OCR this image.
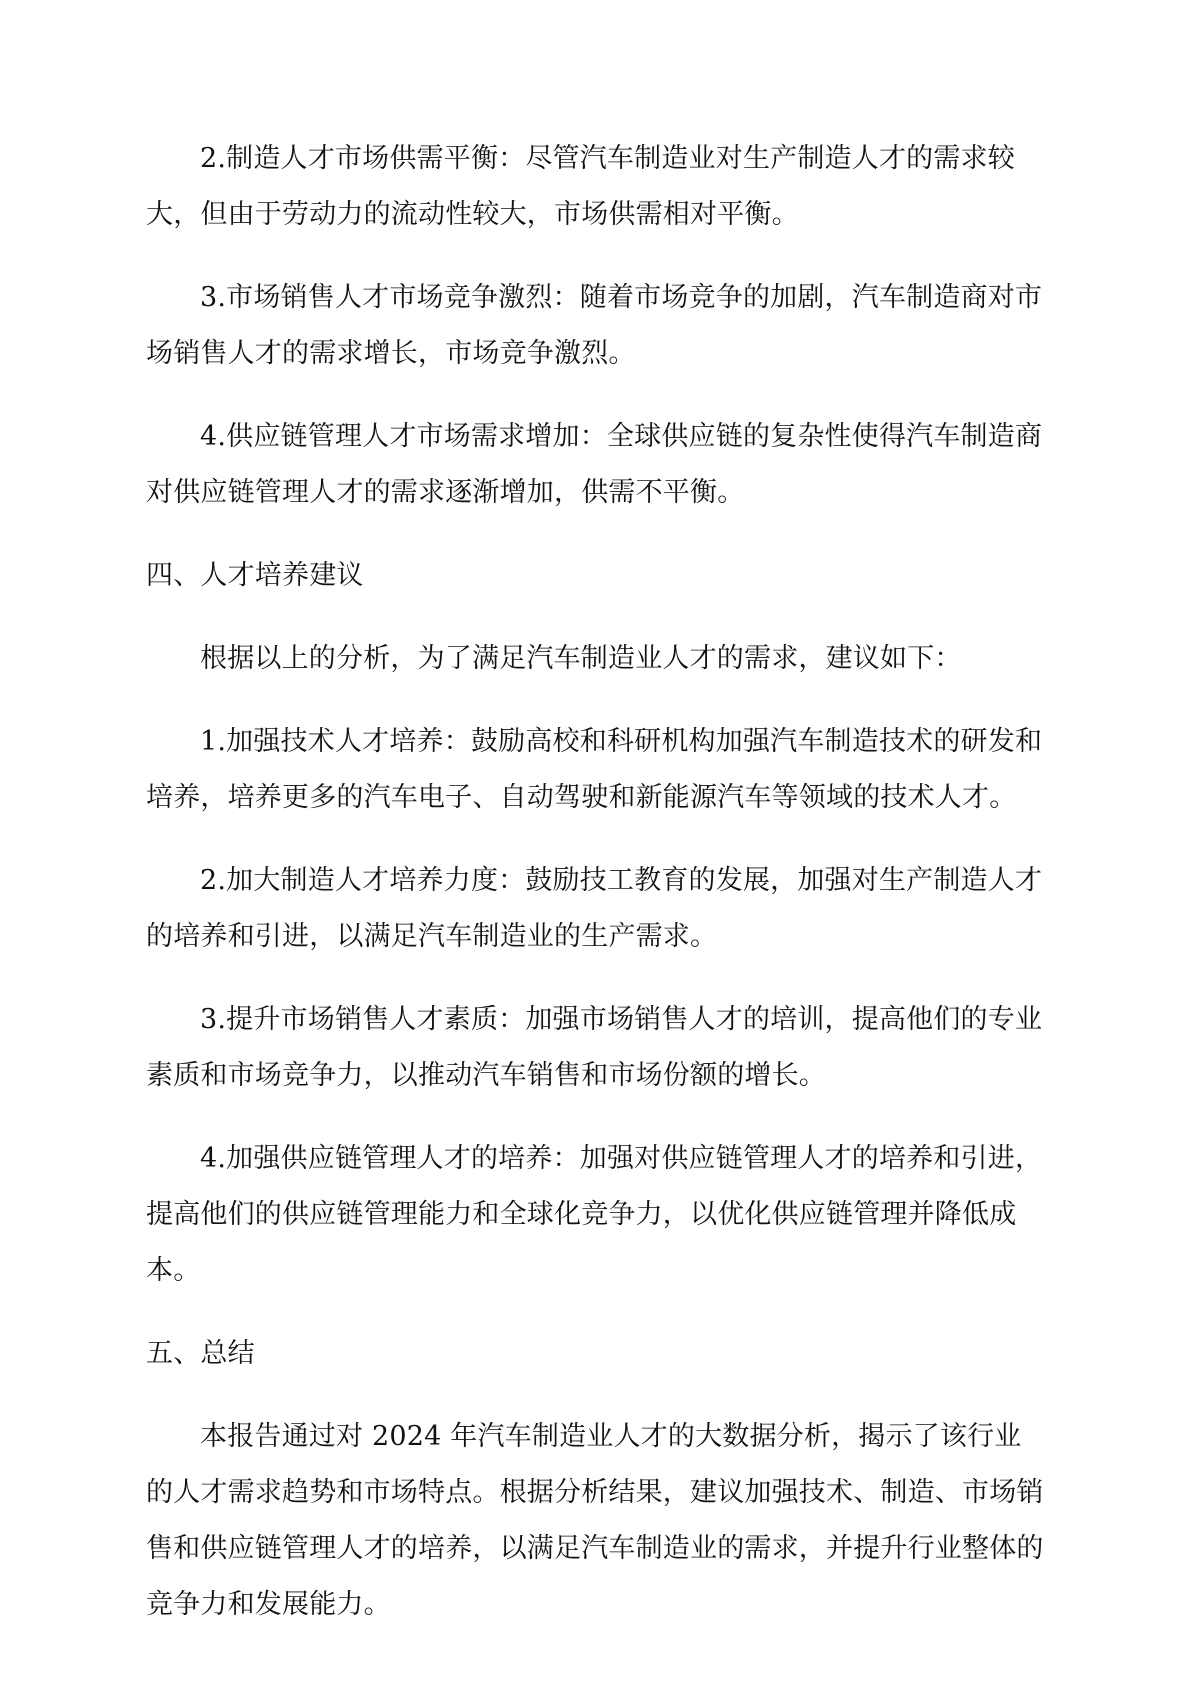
2.制造人才市场供需平衡：尽管汽车制造业对生产制造人才的需求较大，但由于劳动力的流动性较大，市场供需相对平衡。

3.市场销售人才市场竞争激烈：随着市场竞争的加剧，汽车制造商对市场销售人才的需求增长，市场竞争激烈。

4.供应链管理人才市场需求增加：全球供应链的复杂性使得汽车制造商对供应链管理人才的需求逐渐增加，供需不平衡。

四、人才培养建议

根据以上的分析，为了满足汽车制造业人才的需求，建议如下：

1.加强技术人才培养：鼓励高校和科研机构加强汽车制造技术的研发和培养，培养更多的汽车电子、自动驾驶和新能源汽车等领域的技术人才。

2.加大制造人才培养力度：鼓励技工教育的发展，加强对生产制造人才的培养和引进，以满足汽车制造业的生产需求。

3.提升市场销售人才素质：加强市场销售人才的培训，提高他们的专业素质和市场竞争力，以推动汽车销售和市场份额的增长。

4.加强供应链管理人才的培养：加强对供应链管理人才的培养和引进，提高他们的供应链管理能力和全球化竞争力，以优化供应链管理并降低成本。

五、总结

本报告通过对 2024 年汽车制造业人才的大数据分析，揭示了该行业的人才需求趋势和市场特点。根据分析结果，建议加强技术、制造、市场销售和供应链管理人才的培养，以满足汽车制造业的需求，并提升行业整体的竞争力和发展能力。
